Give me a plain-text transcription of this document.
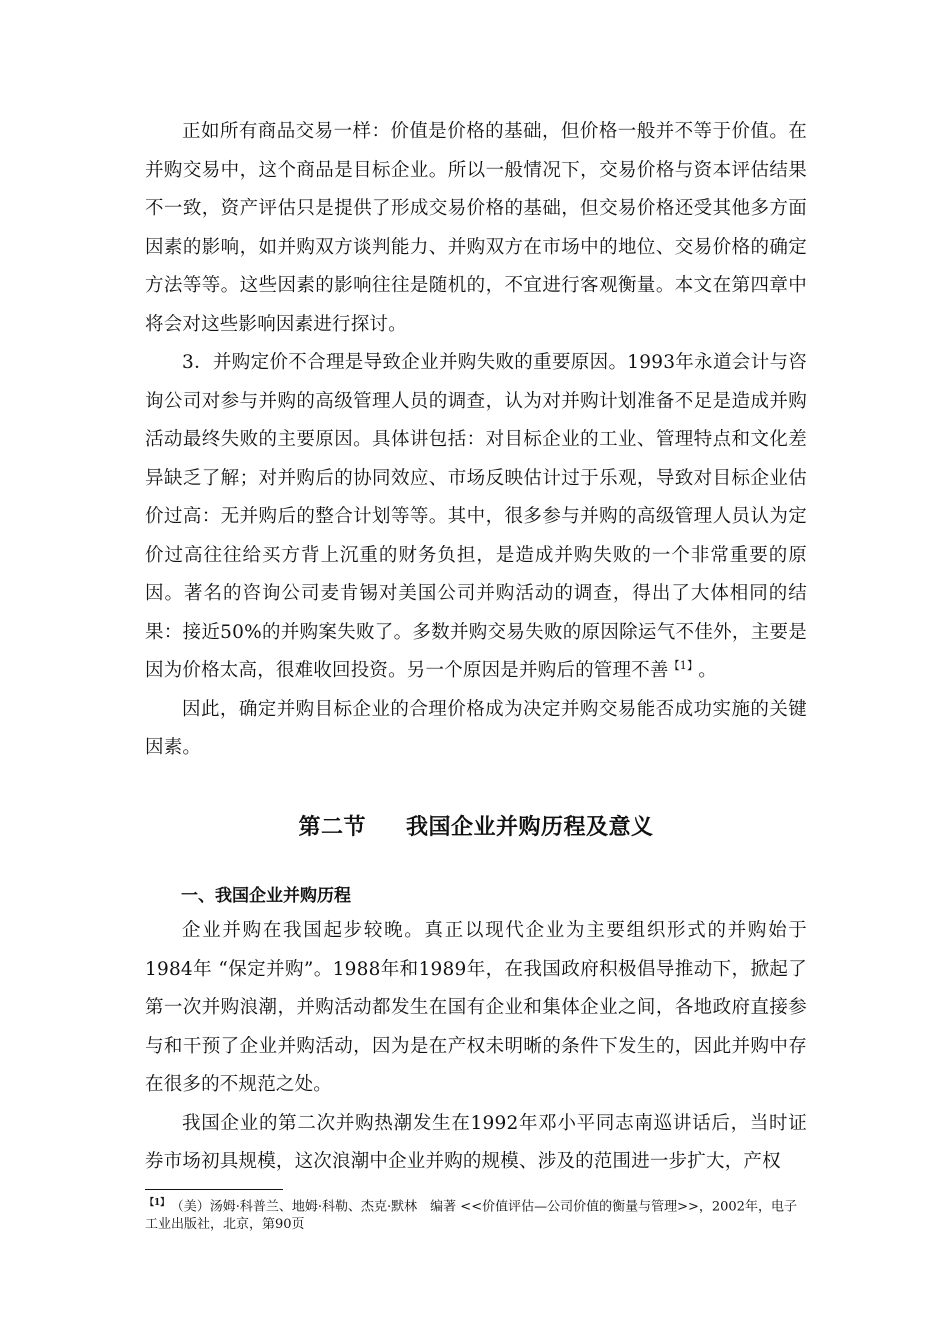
正如所有商品交易一样：价值是价格的基础，但价格一般并不等于价值。在并购交易中，这个商品是目标企业。所以一般情况下，交易价格与资本评估结果不一致，资产评估只是提供了形成交易价格的基础，但交易价格还受其他多方面因素的影响，如并购双方谈判能力、并购双方在市场中的地位、交易价格的确定方法等等。这些因素的影响往往是随机的，不宜进行客观衡量。本文在第四章中将会对这些影响因素进行探讨。

3．并购定价不合理是导致企业并购失败的重要原因。1993年永道会计与咨询公司对参与并购的高级管理人员的调查，认为对并购计划准备不足是造成并购活动最终失败的主要原因。具体讲包括：对目标企业的工业、管理特点和文化差异缺乏了解；对并购后的协同效应、市场反映估计过于乐观，导致对目标企业估价过高：无并购后的整合计划等等。其中，很多参与并购的高级管理人员认为定价过高往往给买方背上沉重的财务负担，是造成并购失败的一个非常重要的原因。著名的咨询公司麦肯锡对美国公司并购活动的调查，得出了大体相同的结果：接近50%的并购案失败了。多数并购交易失败的原因除运气不佳外，主要是因为价格太高，很难收回投资。另一个原因是并购后的管理不善【1】。

因此，确定并购目标企业的合理价格成为决定并购交易能否成功实施的关键因素。

第二节 我国企业并购历程及意义
一、我国企业并购历程

企业并购在我国起步较晚。真正以现代企业为主要组织形式的并购始于1984年 “保定并购”。1988年和1989年，在我国政府积极倡导推动下，掀起了第一次并购浪潮，并购活动都发生在国有企业和集体企业之间，各地政府直接参与和干预了企业并购活动，因为是在产权未明晰的条件下发生的，因此并购中存在很多的不规范之处。

我国企业的第二次并购热潮发生在1992年邓小平同志南巡讲话后，当时证券市场初具规模，这次浪潮中企业并购的规模、涉及的范围进一步扩大，产权

$^{【1】}$ （美）汤姆·科普兰、地姆·科勒、杰克·默林　编著 <<价值评估—公司价值的衡量与管理>>，2002年，电子工业出版社，北京，第90页
